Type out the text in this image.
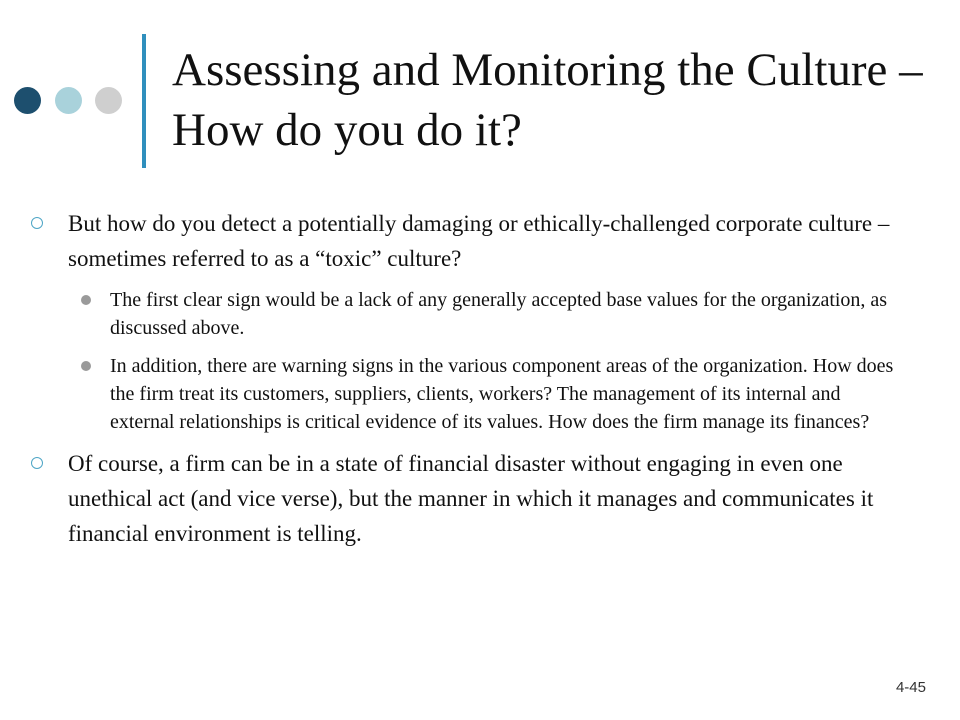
Assessing and Monitoring the Culture – How do you do it?
But how do you detect a potentially damaging or ethically-challenged corporate culture – sometimes referred to as a “toxic” culture?
The first clear sign would be a lack of any generally accepted base values for the organization, as discussed above.
In addition, there are warning signs in the various component areas of the organization. How does the firm treat its customers, suppliers, clients, workers? The management of its internal and external relationships is critical evidence of its values. How does the firm manage its finances?
Of course, a firm can be in a state of financial disaster without engaging in even one unethical act (and vice verse), but the manner in which it manages and communicates it financial environment is telling.
4-45
